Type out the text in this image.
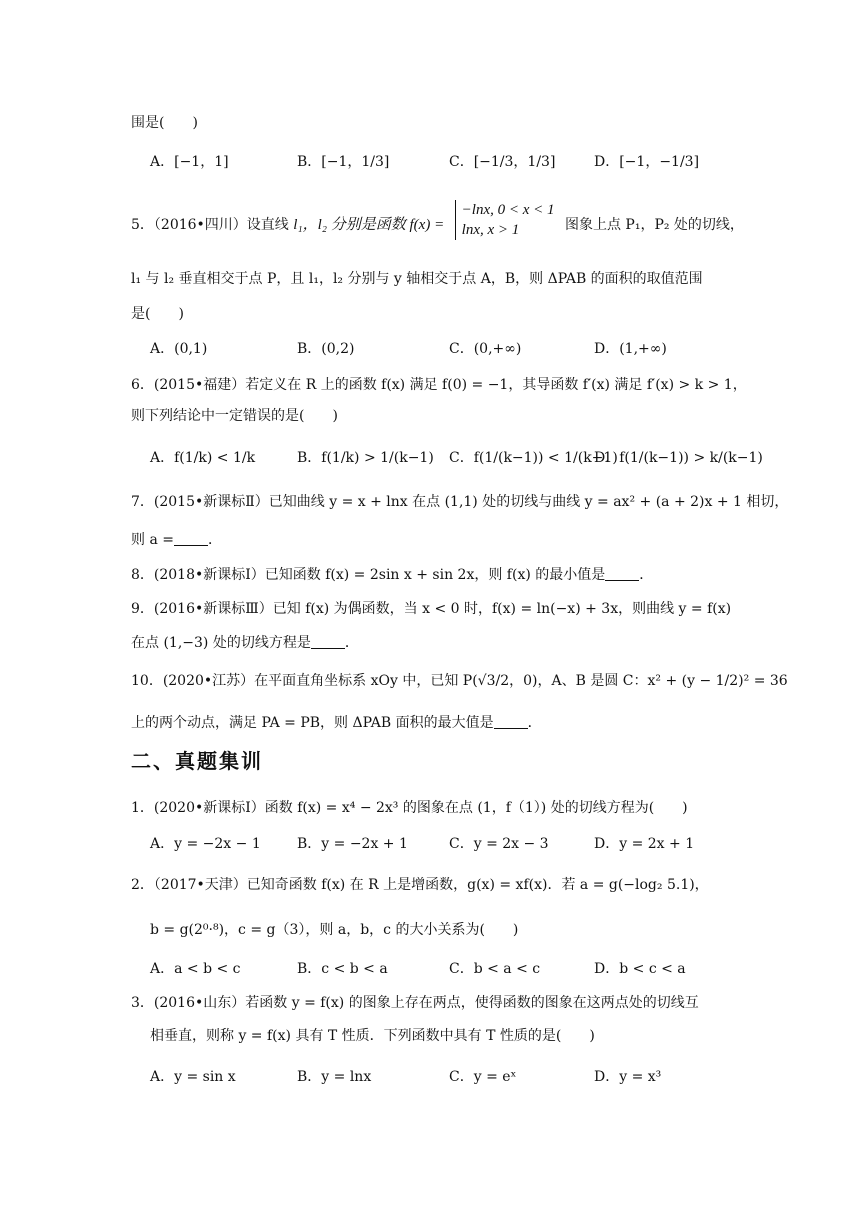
围是(　　)
A．[−1，1]	B．[−1，1/3]	C．[−1/3，1/3]	D．[−1，−1/3]
5．（2016•四川）设直线 l₁，l₂ 分别是函数 f(x) =
−lnx, 0 < x < 1
lnx, x > 1	图象上点 P₁，P₂ 处的切线，
l₁ 与 l₂ 垂直相交于点 P，且 l₁，l₂ 分别与 y 轴相交于点 A，B，则 ΔPAB 的面积的取值范围
是(　　)
A．(0,1)	B．(0,2)	C．(0,+∞)	D．(1,+∞)
6．(2015•福建）若定义在 R 上的函数 f(x) 满足 f(0) = −1，其导函数 f′(x) 满足 f′(x) > k > 1，
则下列结论中一定错误的是(　　)
A．f(1/k) < 1/k	B．f(1/k) > 1/(k−1) C．f(1/(k−1)) < 1/(k−1)
D．f(1/(k−1)) > k/(k−1)
7．(2015•新课标Ⅱ）已知曲线 y = x + lnx 在点 (1,1) 处的切线与曲线 y = ax² + (a + 2)x + 1 相切，
则 a = ．
8．(2018•新课标Ⅰ）已知函数 f(x) = 2sin x + sin 2x，则 f(x) 的最小值是 ．
9．(2016•新课标Ⅲ）已知 f(x) 为偶函数，当 x < 0 时，f(x) = ln(−x) + 3x，则曲线 y = f(x)
在点 (1,−3) 处的切线方程是 ．
10．(2020•江苏）在平面直角坐标系 xOy 中，已知 P(√3/2，0)，A、B 是圆 C：x² + (y − 1/2)² = 36
上的两个动点，满足 PA = PB，则 ΔPAB 面积的最大值是 ．
二、真题集训
1．(2020•新课标Ⅰ）函数 f(x) = x⁴ − 2x³ 的图象在点 (1，f（1）) 处的切线方程为(　　)
A．y = −2x − 1	B．y = −2x + 1	C．y = 2x − 3	D．y = 2x + 1
2．（2017•天津）已知奇函数 f(x) 在 R 上是增函数，g(x) = xf(x)．若 a = g(−log₂ 5.1)，
b = g(2⁰·⁸)，c = g（3），则 a，b，c 的大小关系为(　　)
A．a < b < c	B．c < b < a	C．b < a < c	D．b < c < a
3．(2016•山东）若函数 y = f(x) 的图象上存在两点，使得函数的图象在这两点处的切线互
相垂直，则称 y = f(x) 具有 T 性质．下列函数中具有 T 性质的是(　　)
A．y = sin x	B．y = lnx	C．y = eˣ	D．y = x³
